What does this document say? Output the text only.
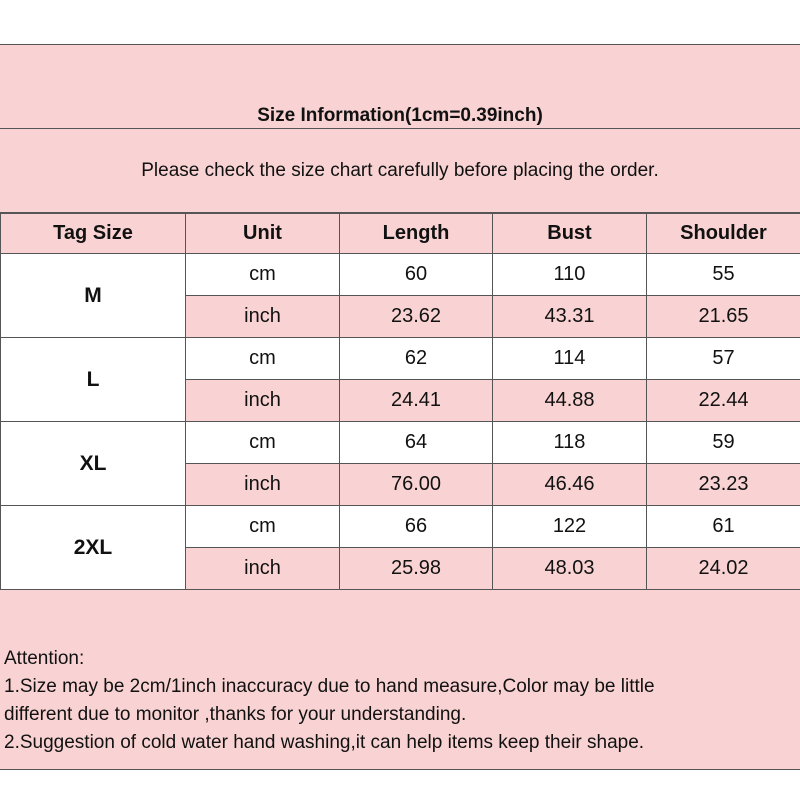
Size Information(1cm=0.39inch)
Please check the size chart carefully before placing the order.
Tag Size	Unit	Length	Bust	Shoulder
M	cm	60	110	55
	inch	23.62	43.31	21.65
L	cm	62	114	57
	inch	24.41	44.88	22.44
XL	cm	64	118	59
	inch	76.00	46.46	23.23
2XL	cm	66	122	61
	inch	25.98	48.03	24.02
Attention:
1.Size may be 2cm/1inch inaccuracy due to hand measure,Color may be little
different due to monitor ,thanks for your understanding.
2.Suggestion of cold water hand washing,it can help items keep their shape.
